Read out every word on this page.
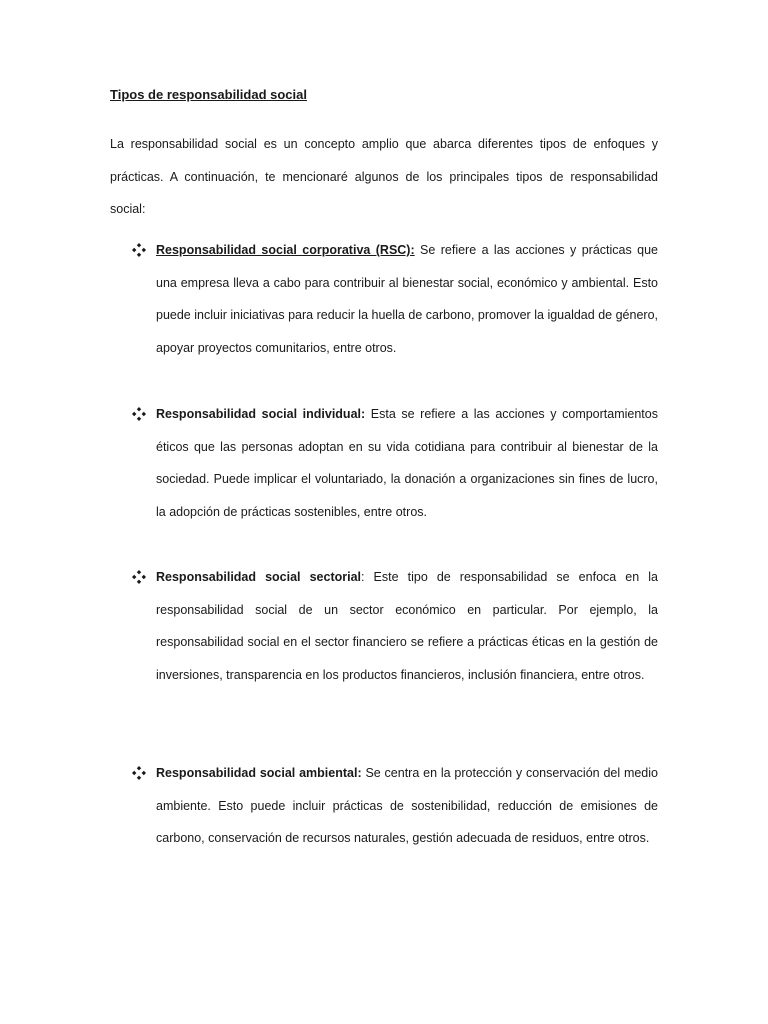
Tipos de responsabilidad social

La responsabilidad social es un concepto amplio que abarca diferentes tipos de enfoques y prácticas. A continuación, te mencionaré algunos de los principales tipos de responsabilidad social:

Responsabilidad social corporativa (RSC): Se refiere a las acciones y prácticas que una empresa lleva a cabo para contribuir al bienestar social, económico y ambiental. Esto puede incluir iniciativas para reducir la huella de carbono, promover la igualdad de género, apoyar proyectos comunitarios, entre otros.

Responsabilidad social individual: Esta se refiere a las acciones y comportamientos éticos que las personas adoptan en su vida cotidiana para contribuir al bienestar de la sociedad. Puede implicar el voluntariado, la donación a organizaciones sin fines de lucro, la adopción de prácticas sostenibles, entre otros.

Responsabilidad social sectorial: Este tipo de responsabilidad se enfoca en la responsabilidad social de un sector económico en particular. Por ejemplo, la responsabilidad social en el sector financiero se refiere a prácticas éticas en la gestión de inversiones, transparencia en los productos financieros, inclusión financiera, entre otros.

Responsabilidad social ambiental: Se centra en la protección y conservación del medio ambiente. Esto puede incluir prácticas de sostenibilidad, reducción de emisiones de carbono, conservación de recursos naturales, gestión adecuada de residuos, entre otros.
